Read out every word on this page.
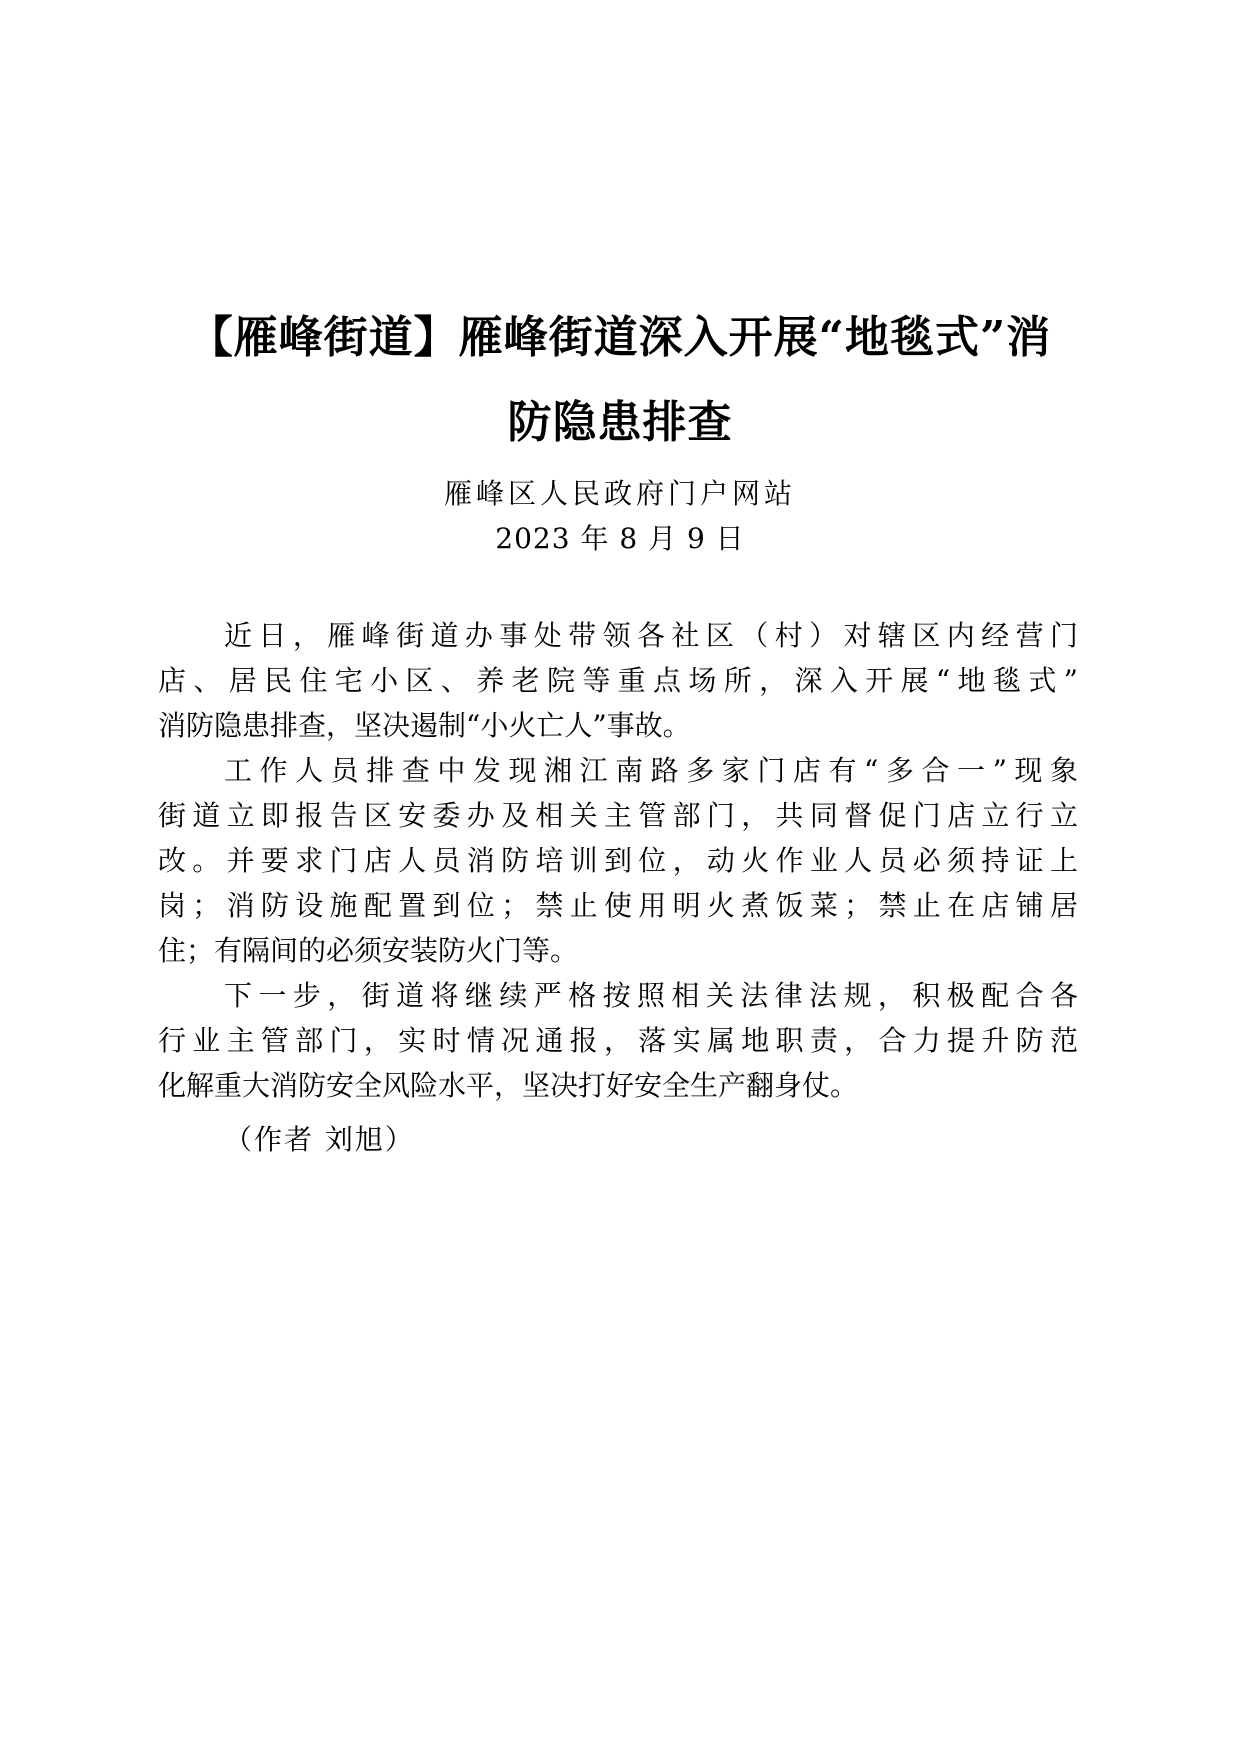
【雁峰街道】雁峰街道深入开展“地毯式”消
防隐患排查
雁峰区人民政府门户网站
2023 年 8 月 9 日
近日，雁峰街道办事处带领各社区（村）对辖区内经营门
店、居民住宅小区、养老院等重点场所，深入开展“地毯式”
消防隐患排查，坚决遏制“小火亡人”事故。
工作人员排查中发现湘江南路多家门店有“多合一”现象
街道立即报告区安委办及相关主管部门，共同督促门店立行立
改。并要求门店人员消防培训到位，动火作业人员必须持证上
岗；消防设施配置到位；禁止使用明火煮饭菜；禁止在店铺居
住；有隔间的必须安装防火门等。
下一步，街道将继续严格按照相关法律法规，积极配合各
行业主管部门，实时情况通报，落实属地职责，合力提升防范
化解重大消防安全风险水平，坚决打好安全生产翻身仗。
（作者 刘旭）
